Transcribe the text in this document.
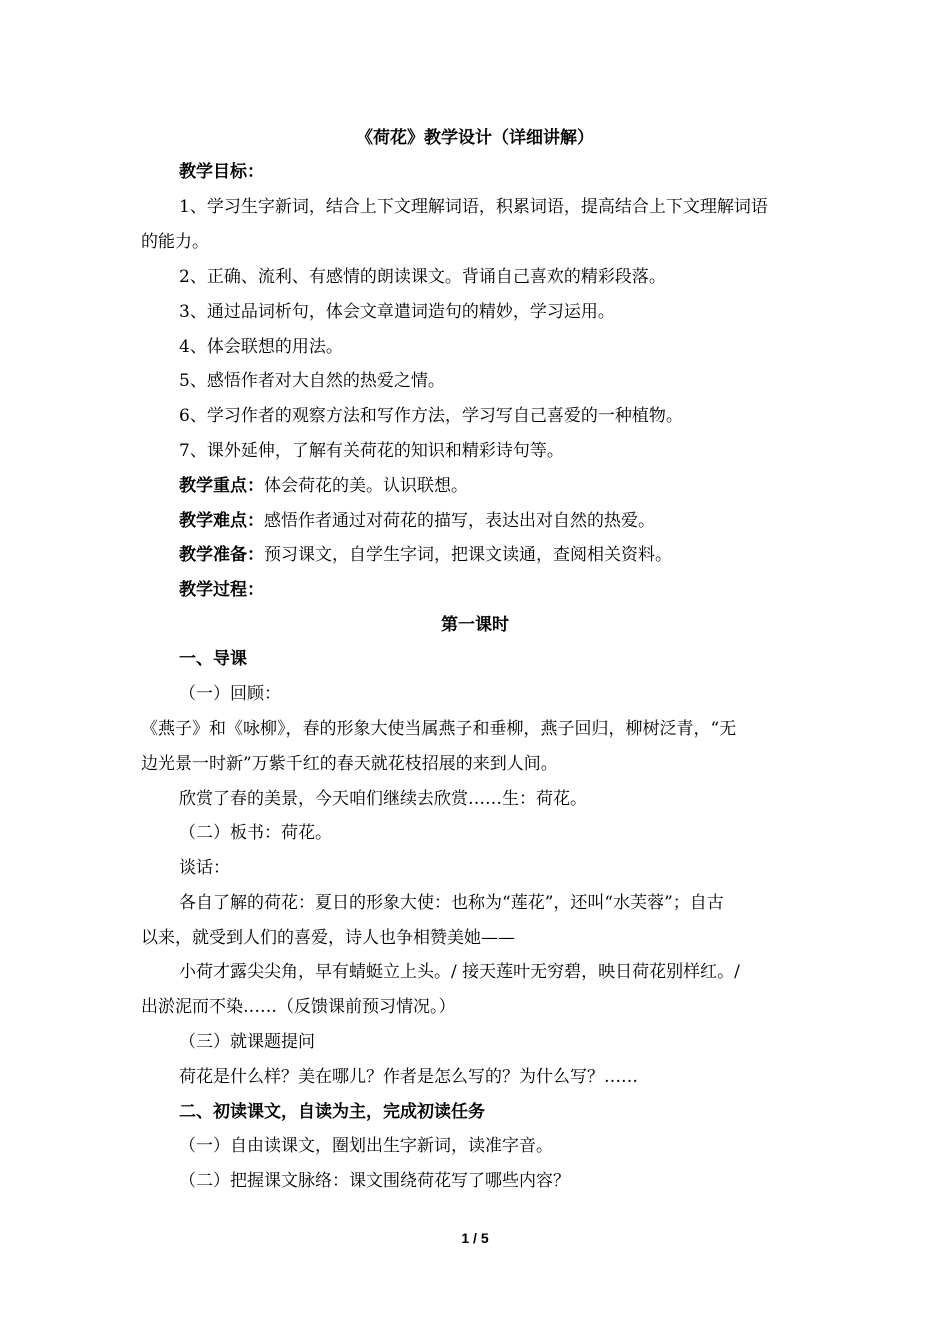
《荷花》教学设计（详细讲解）
教学目标：
1、学习生字新词，结合上下文理解词语，积累词语，提高结合上下文理解词语
的能力。
2、正确、流利、有感情的朗读课文。背诵自己喜欢的精彩段落。
3、通过品词析句，体会文章遣词造句的精妙，学习运用。
4、体会联想的用法。
5、感悟作者对大自然的热爱之情。
6、学习作者的观察方法和写作方法，学习写自己喜爱的一种植物。
7、课外延伸，了解有关荷花的知识和精彩诗句等。
教学重点：体会荷花的美。认识联想。
教学难点：感悟作者通过对荷花的描写，表达出对自然的热爱。
教学准备：预习课文，自学生字词，把课文读通，查阅相关资料。
教学过程：
第一课时
一、导课
（一）回顾：
《燕子》和《咏柳》，春的形象大使当属燕子和垂柳，燕子回归，柳树泛青，“无
边光景一时新”万紫千红的春天就花枝招展的来到人间。
欣赏了春的美景，今天咱们继续去欣赏……生：荷花。
（二）板书：荷花。
谈话：
各自了解的荷花：夏日的形象大使：也称为“莲花”，还叫“水芙蓉”；自古
以来，就受到人们的喜爱，诗人也争相赞美她——
小荷才露尖尖角，早有蜻蜓立上头。/ 接天莲叶无穷碧，映日荷花别样红。/
出淤泥而不染……（反馈课前预习情况。）
（三）就课题提问
荷花是什么样？美在哪儿？作者是怎么写的？为什么写？……
二、初读课文，自读为主，完成初读任务
（一）自由读课文，圈划出生字新词，读准字音。
（二）把握课文脉络：课文围绕荷花写了哪些内容？
1 / 5
